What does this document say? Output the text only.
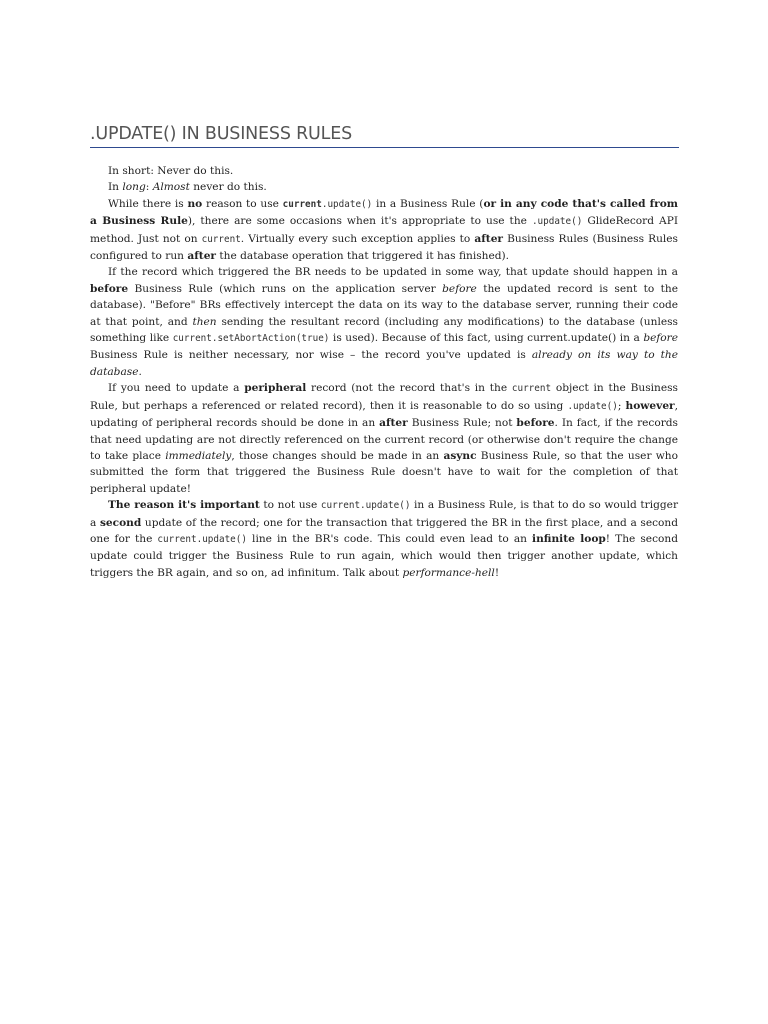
.UPDATE() IN BUSINESS RULES

In short: Never do this.

In long: Almost never do this.

While there is no reason to use current.update() in a Business Rule (or in any code that's called from a Business Rule), there are some occasions when it's appropriate to use the .update() GlideRecord API method. Just not on current. Virtually every such exception applies to after Business Rules (Business Rules configured to run after the database operation that triggered it has finished).

If the record which triggered the BR needs to be updated in some way, that update should happen in a before Business Rule (which runs on the application server before the updated record is sent to the database). "Before" BRs effectively intercept the data on its way to the database server, running their code at that point, and then sending the resultant record (including any modifications) to the database (unless something like current.setAbortAction(true) is used). Because of this fact, using current.update() in a before Business Rule is neither necessary, nor wise – the record you've updated is already on its way to the database.

If you need to update a peripheral record (not the record that's in the current object in the Business Rule, but perhaps a referenced or related record), then it is reasonable to do so using .update(); however, updating of peripheral records should be done in an after Business Rule; not before. In fact, if the records that need updating are not directly referenced on the current record (or otherwise don't require the change to take place immediately, those changes should be made in an async Business Rule, so that the user who submitted the form that triggered the Business Rule doesn't have to wait for the completion of that peripheral update!

The reason it's important to not use current.update() in a Business Rule, is that to do so would trigger a second update of the record; one for the transaction that triggered the BR in the first place, and a second one for the current.update() line in the BR's code. This could even lead to an infinite loop! The second update could trigger the Business Rule to run again, which would then trigger another update, which triggers the BR again, and so on, ad infinitum. Talk about performance-hell!
